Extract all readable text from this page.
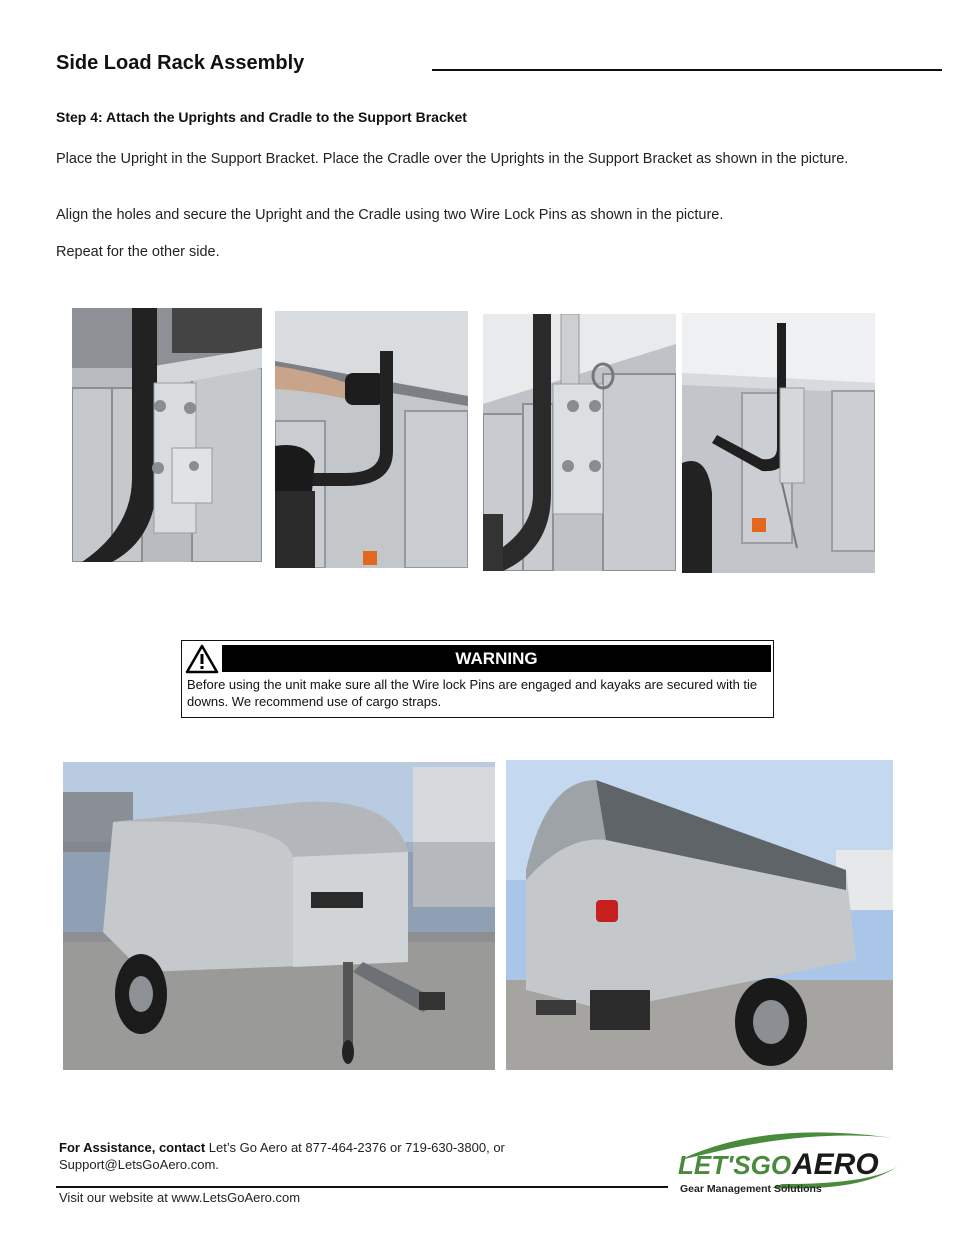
Side Load Rack Assembly
Step 4: Attach the Uprights and Cradle to the Support Bracket
Place the Upright in the Support Bracket. Place the Cradle over the Uprights in the Support Bracket as shown in the picture.
Align the holes and secure the Upright and the Cradle using two Wire Lock Pins as shown in the picture.
Repeat for the other side.
WARNING
Before using the unit make sure all the Wire lock Pins are engaged and kayaks are secured with tie downs. We recommend use of cargo straps.
For Assistance, contact Let’s Go Aero at 877-464-2376 or 719-630-3800, or Support@LetsGoAero.com.
Visit our website at www.LetsGoAero.com
LET'SGO AERO
Gear Management Solutions
